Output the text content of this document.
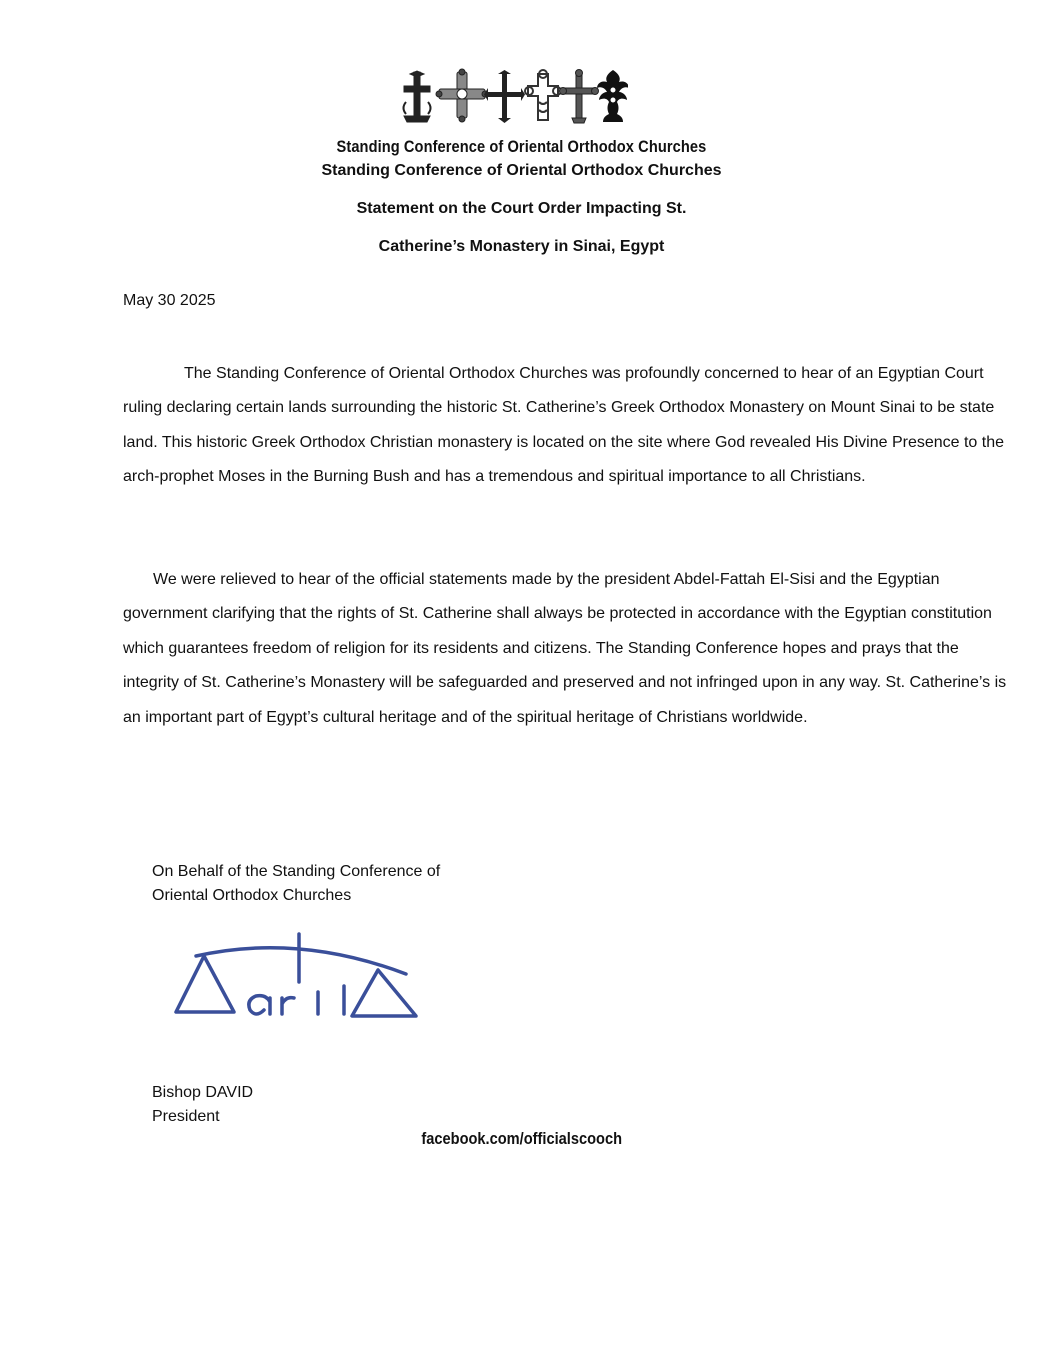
Standing Conference of Oriental Orthodox Churches
Standing Conference of Oriental Orthodox Churches
Statement on the Court Order Impacting St.
Catherine’s Monastery in Sinai, Egypt
May 30 2025

The Standing Conference of Oriental Orthodox Churches was profoundly concerned to hear of an Egyptian Court ruling declaring certain lands surrounding the historic St. Catherine’s Greek Orthodox Monastery on Mount Sinai to be state land. This historic Greek Orthodox Christian monastery is located on the site where God revealed His Divine Presence to the arch-prophet Moses in the Burning Bush and has a tremendous and spiritual importance to all Christians.

We were relieved to hear of the official statements made by the president Abdel-Fattah El-Sisi and the Egyptian government clarifying that the rights of St. Catherine shall always be protected in accordance with the Egyptian constitution which guarantees freedom of religion for its residents and citizens. The Standing Conference hopes and prays that the integrity of St. Catherine’s Monastery will be safeguarded and preserved and not infringed upon in any way. St. Catherine’s is an important part of Egypt’s cultural heritage and of the spiritual heritage of Christians worldwide.

On Behalf of the Standing Conference of
Oriental Orthodox Churches
Bishop DAVID
President
facebook.com/officialscooch
